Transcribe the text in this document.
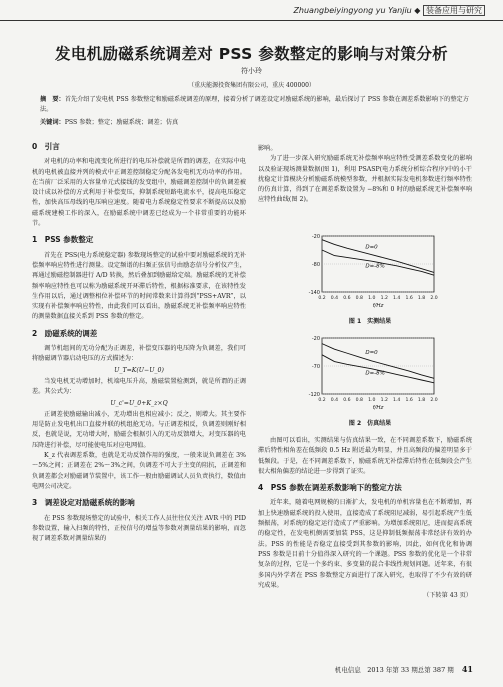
Zhuangbeiyingyong yu Yanjiu ◆ 装备应用与研究
发电机励磁系统调差对 PSS 参数整定的影响与对策分析
符小玲
（重庆能源投资集团有限公司，重庆 400000）
摘　要：首先介绍了发电机 PSS 参数整定和励磁系统调差的原理，接着分析了调差设定对励磁系统的影响，最后探讨了 PSS 参数在调差系数影响下的整定方法。
关键词：PSS 参数；整定；励磁系统；调差；仿真
0　引言

对电机的功率和电流变化所进行的电压补偿就是所谓的调差，在实际中电机的电机被直接并列的模式中正调差控制稳定分配各发电机无功功率的作用。在当前厂泛采用的大容量单元式接线的发变组中，励磁调差控制中的负调差被设计成以补偿的方式利用于补偿变压，抑制系统短路电流水平，提高电压稳定性，加快高压母线的电压响应速度。随着电力系统稳定性要求不断提高以及励磁系统建模工作的深入，在励磁系统中调差已经成为一个非常重要的功能环节。

1　PSS 参数整定

首先在 PSS(电力系统稳定器) 参数现场整定的试验中要对励磁系统的无补偿频率响应特性进行测量。设定频谱的扫频正弦信号由励态信号分析仪产生，再通过励磁控制器进行 A/D 转换，然后叠加到励磁给定端。励磁系统的无补偿频率响应特性也可以称为励磁系统开环滞后特性，根据标准要求，在该特性发生作用以后，通过调整相位补偿环节的时间常数来计算得到“PSS+AVR”，以实现有补偿频率响应特性，由此我们可以看出，励磁系统无补偿频率响应特性的测量数据直接关系到 PSS 参数的整定。

2　励磁系统的调差

调节机组间的无功分配为正调差，补偿变压器的电压降为负调差，我们可将励磁调节器启动电压的方式描述为：

U_T=K(U−U_0)

当发电机无功增加时，机端电压升高，励磁装置检测到，就是所谓的正调差。其公式为：

U_c'=U_0+K_z×Q

正调差使励磁输出减小，无功增出也相应减小；反之，则增大。其主要作用是防止发电机出口直接并联的机组抢无功。与正调差相反，负调差则刚好相反，也就是说，无功增大时，励磁会根据引入的无功反馈增大，对变压器的电压降进行补偿，尽可能使电压对应电网值。

K_z 代表调差系数，也就是无功反馈作用的强度，一般来说负调差在 3%～5%之间；正调差在 2%～3%之间，负调差不可大于主变的阻抗，正调差和负调差都会对励磁调节装置中，该工作一般由励磁调试人员负责执行，数值由电网公司决定。

3　调差设定对励磁系统的影响

在 PSS 参数现场整定的试验中，相关工作人员往往仅关注 AVR 中的 PID 参数设置，输入扫频的特性，正按信号的增益等参数对测量结果的影响，而忽视了调差系数对测量结果的

影响。

为了进一步深入研究励磁系统无补偿频率响应特性受测差系数变化的影响以及验证现场测量数据(图 1)，利用 PSASP(电力系统分析综合程序)中的小干扰稳定计算模块分析励磁系统模型参数，并根据实际发电机参数进行频率特性的仿真计算，得到了在调差系数设置为 −8%和 0 时的励磁系统无补偿频率响应特性曲线(图 2)。

-20
-80
-140
0.2 0.4 0.6 0.8 1.0 1.2 1.4 1.6 1.8 2.0
f/Hz
D=0
D=-8%
图 1　实测结果
-20
-70
-120
0.2 0.4 0.6 0.8 1.0 1.2 1.4 1.6 1.8 2.0
f/Hz
D=0
D=-8%
图 2　仿真结果

由图可以看出，实测结果与仿真结果一致，在不同调差系数下，励磁系统滞后特性相角差在低频段 0.5 Hz 附近最为明显，并且高频段的偏差明显多于低频段。于是，在不同调差系数下，励磁系统无补偿滞后特性在低频段会产生很大相角偏差的结论进一步得到了证实。

4　PSS 参数在调差系数影响下的整定方法

近年来，随着电网规模的日渐扩大，发电机的单机容量也在不断增加，再加上快速励磁系统的投入使用，直接造成了系统阻尼减弱，易引起系统产生低频振荡，对系统的稳定运行造成了严重影响。为增加系统阻尼，进而提高系统的稳定性，在发电机侧需要加装 PSS，这是抑制低频振荡非常经济有效的办法。PSS 的性能是否稳定直接受到其参数的影响，因此，如何优化和协调 PSS 参数是目前十分值得深入研究的一个课题。PSS 参数的优化是一个非常复杂的过程，它是一个多约束、多变量的混合非线性规划问题。近年来，有很多国内外学者在 PSS 参数整定方面进行了深入研究，也取得了不少有效的研究成果。

（下转第 43 页）
机电信息　2013 年第 33 期总第 387 期 41
